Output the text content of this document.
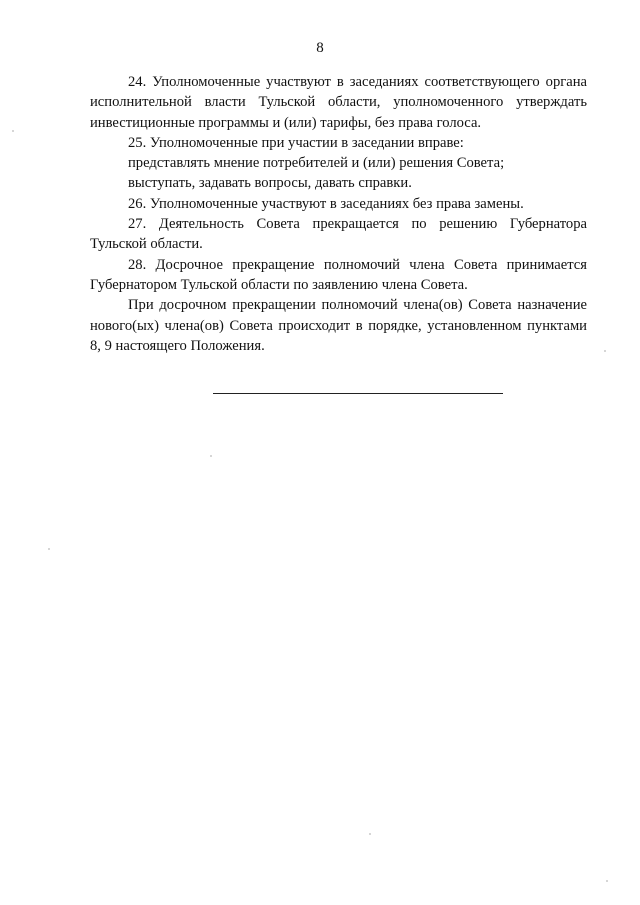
8
24. Уполномоченные участвуют в заседаниях соответствующего органа
исполнительной власти Тульской области, уполномоченного утверждать
инвестиционные программы и (или) тарифы, без права голоса.
25. Уполномоченные при участии в заседании вправе:
представлять мнение потребителей и (или) решения Совета;
выступать, задавать вопросы, давать справки.
26. Уполномоченные участвуют в заседаниях без права замены.
27. Деятельность Совета прекращается по решению Губернатора
Тульской области.
28. Досрочное прекращение полномочий члена Совета принимается
Губернатором Тульской области по заявлению члена Совета.
При досрочном прекращении полномочий члена(ов) Совета назначение
нового(ых) члена(ов) Совета происходит в порядке, установленном пунктами
8, 9 настоящего Положения.
